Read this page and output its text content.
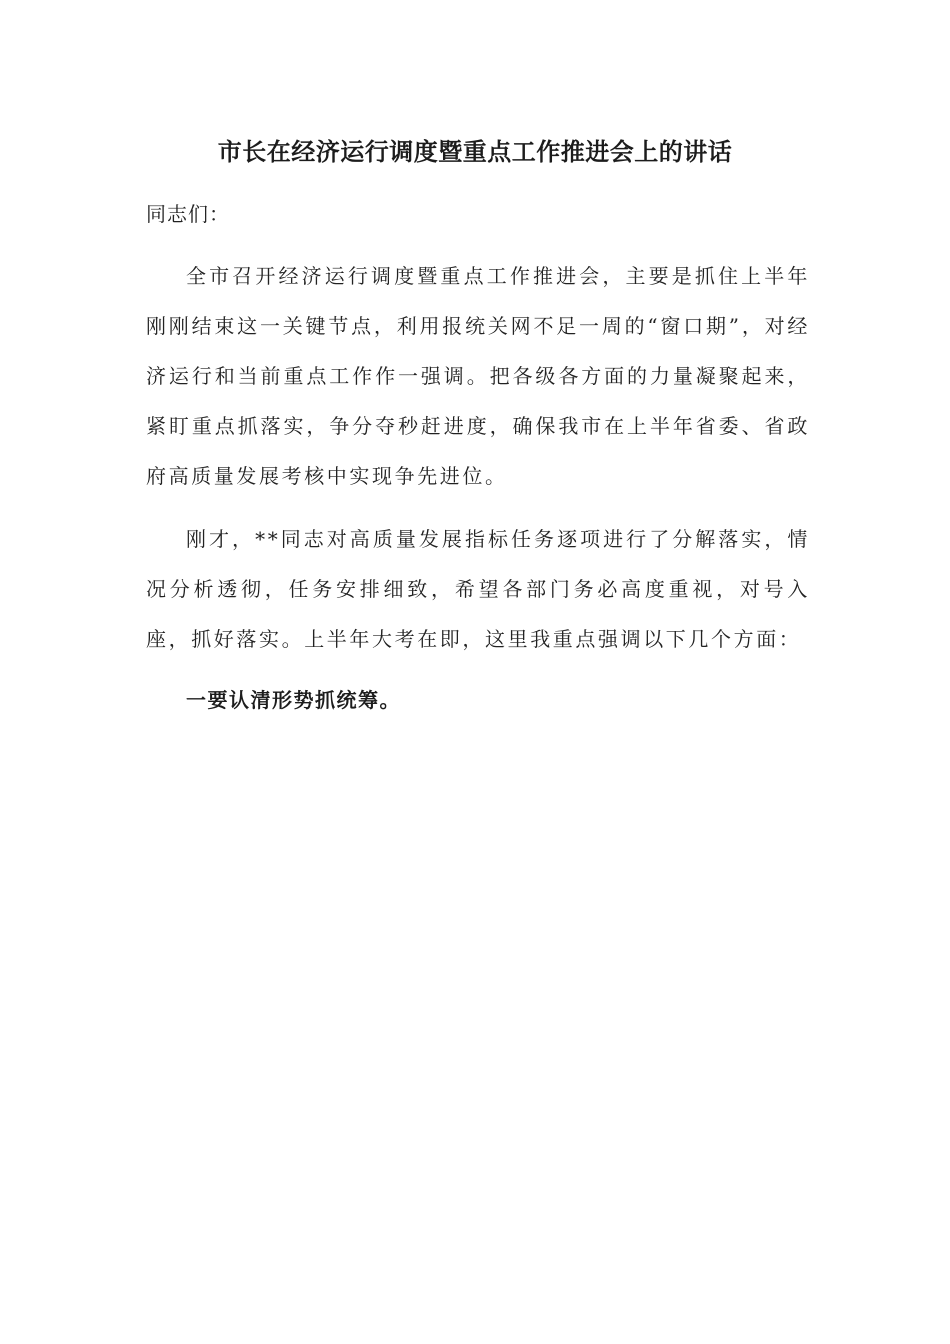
市长在经济运行调度暨重点工作推进会上的讲话
同志们：

全市召开经济运行调度暨重点工作推进会，主要是抓住上半年刚刚结束这一关键节点，利用报统关网不足一周的“窗口期”，对经济运行和当前重点工作作一强调。把各级各方面的力量凝聚起来，紧盯重点抓落实，争分夺秒赶进度，确保我市在上半年省委、省政府高质量发展考核中实现争先进位。

刚才，**同志对高质量发展指标任务逐项进行了分解落实，情况分析透彻，任务安排细致，希望各部门务必高度重视，对号入座，抓好落实。上半年大考在即，这里我重点强调以下几个方面：

一要认清形势抓统筹。
